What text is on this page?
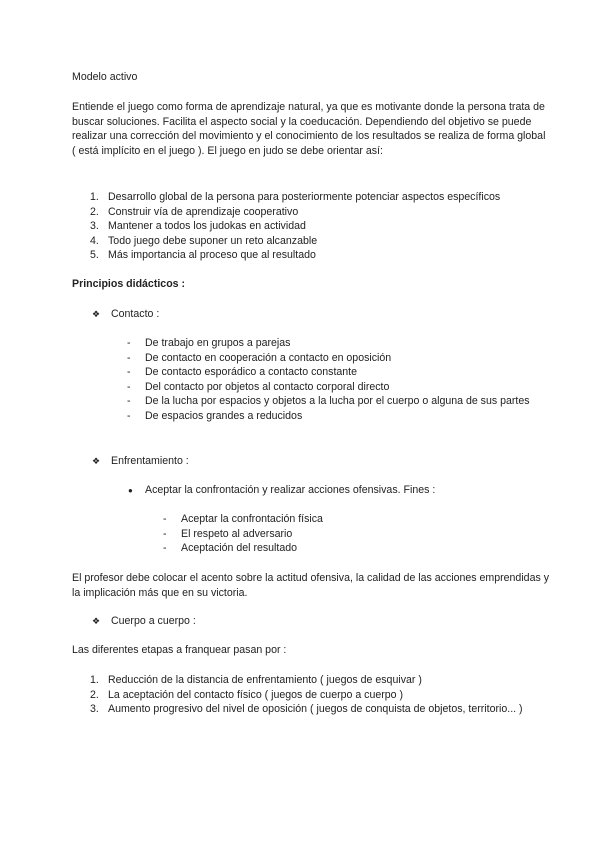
Modelo activo

Entiende el juego como forma de aprendizaje natural, ya que es motivante donde la persona trata de buscar soluciones. Facilita el aspecto social y la coeducación. Dependiendo del objetivo se puede realizar una corrección del movimiento y el conocimiento de los resultados se realiza de forma global ( está implícito en el juego ). El juego en judo se debe orientar así:

1. Desarrollo global de la persona para posteriormente potenciar aspectos específicos
2. Construir vía de aprendizaje cooperativo
3. Mantener a todos los judokas en actividad
4. Todo juego debe suponer un reto alcanzable
5. Más importancia al proceso que al resultado

Principios didácticos :

❖ Contacto :

- De trabajo en grupos a parejas
- De contacto en cooperación a contacto en oposición
- De contacto esporádico a contacto constante
- Del contacto por objetos al contacto corporal directo
- De la lucha por espacios y objetos a la lucha por el cuerpo o alguna de sus partes
- De espacios grandes a reducidos

❖ Enfrentamiento :

● Aceptar la confrontación y realizar acciones ofensivas. Fines :

- Aceptar la confrontación física
- El respeto al adversario
- Aceptación del resultado

El profesor debe colocar el acento sobre la actitud ofensiva, la calidad de las acciones emprendidas y la implicación más que en su victoria.

❖ Cuerpo a cuerpo :

Las diferentes etapas a franquear pasan por :

1. Reducción de la distancia de enfrentamiento ( juegos de esquivar )
2. La aceptación del contacto físico ( juegos de cuerpo a cuerpo )
3. Aumento progresivo del nivel de oposición ( juegos de conquista de objetos, territorio... )
